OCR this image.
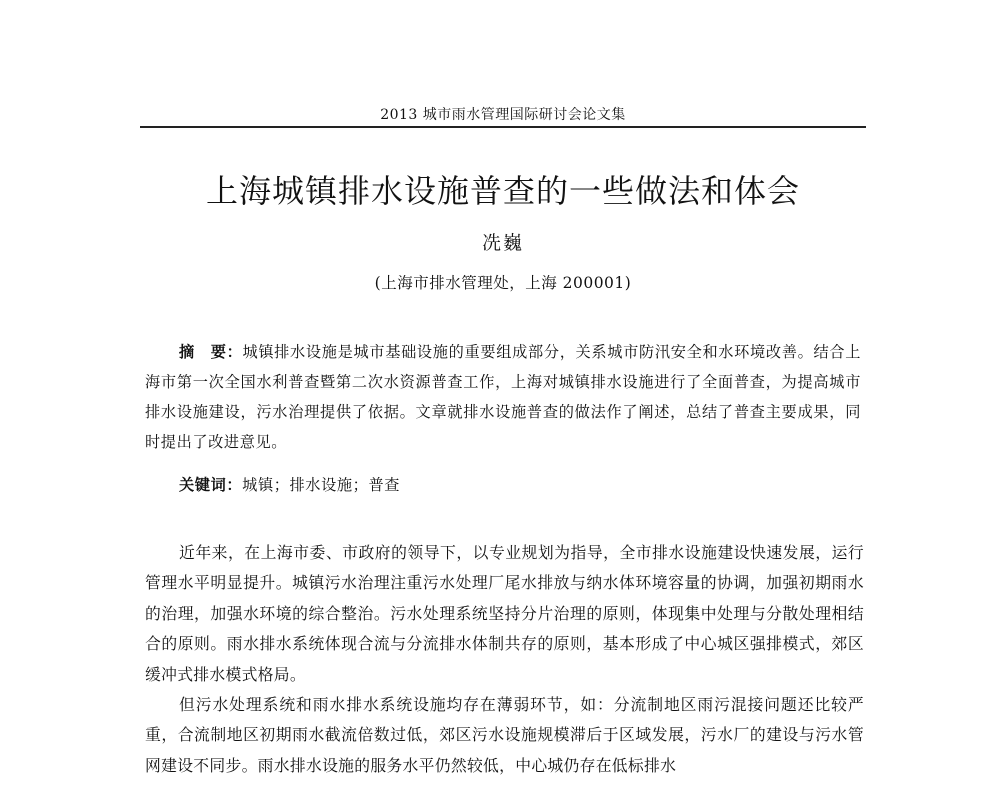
2013 城市雨水管理国际研讨会论文集
上海城镇排水设施普查的一些做法和体会
冼巍
(上海市排水管理处，上海 200001)
摘　要：城镇排水设施是城市基础设施的重要组成部分，关系城市防汛安全和水环境改善。结合上海市第一次全国水利普查暨第二次水资源普查工作，上海对城镇排水设施进行了全面普查，为提高城市排水设施建设，污水治理提供了依据。文章就排水设施普查的做法作了阐述，总结了普查主要成果，同时提出了改进意见。
关键词：城镇；排水设施；普查

近年来，在上海市委、市政府的领导下，以专业规划为指导，全市排水设施建设快速发展，运行管理水平明显提升。城镇污水治理注重污水处理厂尾水排放与纳水体环境容量的协调，加强初期雨水的治理，加强水环境的综合整治。污水处理系统坚持分片治理的原则，体现集中处理与分散处理相结合的原则。雨水排水系统体现合流与分流排水体制共存的原则，基本形成了中心城区强排模式，郊区缓冲式排水模式格局。

但污水处理系统和雨水排水系统设施均存在薄弱环节，如：分流制地区雨污混接问题还比较严重，合流制地区初期雨水截流倍数过低，郊区污水设施规模滞后于区域发展，污水厂的建设与污水管网建设不同步。雨水排水设施的服务水平仍然较低，中心城仍存在低标排水
